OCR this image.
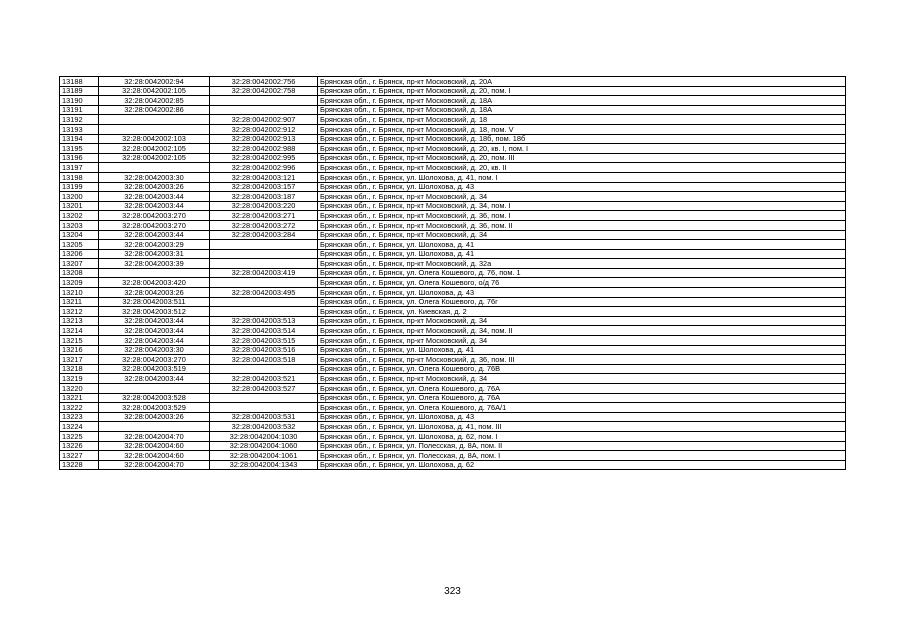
13188	32:28:0042002:94	32:28:0042002:756	Брянская обл., г. Брянск, пр-кт Московский, д. 20А
13189	32:28:0042002:105	32:28:0042002:758	Брянская обл., г. Брянск, пр-кт Московский, д. 20, пом. I
13190	32:28:0042002:85		Брянская обл., г. Брянск, пр-кт Московский, д. 18А
13191	32:28:0042002:86		Брянская обл., г. Брянск, пр-кт Московский, д. 18А
13192		32:28:0042002:907	Брянская обл., г. Брянск, пр-кт Московский, д. 18
13193		32:28:0042002:912	Брянская обл., г. Брянск, пр-кт Московский, д. 18, пом. V
13194	32:28:0042002:103	32:28:0042002:913	Брянская обл., г. Брянск, пр-кт Московский, д. 18б, пом. 18б
13195	32:28:0042002:105	32:28:0042002:988	Брянская обл., г. Брянск, пр-кт Московский, д. 20, кв. I, пом. I
13196	32:28:0042002:105	32:28:0042002:995	Брянская обл., г. Брянск, пр-кт Московский, д. 20, пом. III
13197		32:28:0042002:996	Брянская обл., г. Брянск, пр-кт Московский, д. 20, кв. II
13198	32:28:0042003:30	32:28:0042003:121	Брянская обл., г. Брянск, ул. Шолохова, д. 41, пом. I
13199	32:28:0042003:26	32:28:0042003:157	Брянская обл., г. Брянск, ул. Шолохова, д. 43
13200	32:28:0042003:44	32:28:0042003:187	Брянская обл., г. Брянск, пр-кт Московский, д. 34
13201	32:28:0042003:44	32:28:0042003:220	Брянская обл., г. Брянск, пр-кт Московский, д. 34, пом. I
13202	32:28:0042003:270	32:28:0042003:271	Брянская обл., г. Брянск, пр-кт Московский, д. 36, пом. I
13203	32:28:0042003:270	32:28:0042003:272	Брянская обл., г. Брянск, пр-кт Московский, д. 36, пом. II
13204	32:28:0042003:44	32:28:0042003:284	Брянская обл., г. Брянск, пр-кт Московский, д. 34
13205	32:28:0042003:29		Брянская обл., г. Брянск, ул. Шолохова, д. 41
13206	32:28:0042003:31		Брянская обл., г. Брянск, ул. Шолохова, д. 41
13207	32:28:0042003:39		Брянская обл., г. Брянск, пр-кт Московский, д. 32а
13208		32:28:0042003:419	Брянская обл., г. Брянск, ул. Олега Кошевого, д. 76, пом. 1
13209	32:28:0042003:420		Брянская обл., г. Брянск, ул. Олега Кошевого, о/д 76
13210	32:28:0042003:26	32:28:0042003:495	Брянская обл., г. Брянск, ул. Шолохова, д. 43
13211	32:28:0042003:511		Брянская обл., г. Брянск, ул. Олега Кошевого, д. 76г
13212	32:28:0042003:512		Брянская обл., г. Брянск, ул. Киевская, д. 2
13213	32:28:0042003:44	32:28:0042003:513	Брянская обл., г. Брянск, пр-кт Московский, д. 34
13214	32:28:0042003:44	32:28:0042003:514	Брянская обл., г. Брянск, пр-кт Московский, д. 34, пом. II
13215	32:28:0042003:44	32:28:0042003:515	Брянская обл., г. Брянск, пр-кт Московский, д. 34
13216	32:28:0042003:30	32:28:0042003:516	Брянская обл., г. Брянск, ул. Шолохова, д. 41
13217	32:28:0042003:270	32:28:0042003:518	Брянская обл., г. Брянск, пр-кт Московский, д. 36, пом. III
13218	32:28:0042003:519		Брянская обл., г. Брянск, ул. Олега Кошевого, д. 76В
13219	32:28:0042003:44	32:28:0042003:521	Брянская обл., г. Брянск, пр-кт Московский, д. 34
13220		32:28:0042003:527	Брянская обл., г. Брянск, ул. Олега Кошевого, д. 76А
13221	32:28:0042003:528		Брянская обл., г. Брянск, ул. Олега Кошевого, д. 76А
13222	32:28:0042003:529		Брянская обл., г. Брянск, ул. Олега Кошевого, д. 76А/1
13223	32:28:0042003:26	32:28:0042003:531	Брянская обл., г. Брянск, ул. Шолохова, д. 43
13224		32:28:0042003:532	Брянская обл., г. Брянск, ул. Шолохова, д. 41, пом. III
13225	32:28:0042004:70	32:28:0042004:1030	Брянская обл., г. Брянск, ул. Шолохова, д. 62, пом. I
13226	32:28:0042004:60	32:28:0042004:1060	Брянская обл., г. Брянск, ул. Полесская, д. 8А, пом. II
13227	32:28:0042004:60	32:28:0042004:1061	Брянская обл., г. Брянск, ул. Полесская, д. 8А, пом. I
13228	32:28:0042004:70	32:28:0042004:1343	Брянская обл., г. Брянск, ул. Шолохова, д. 62
323
